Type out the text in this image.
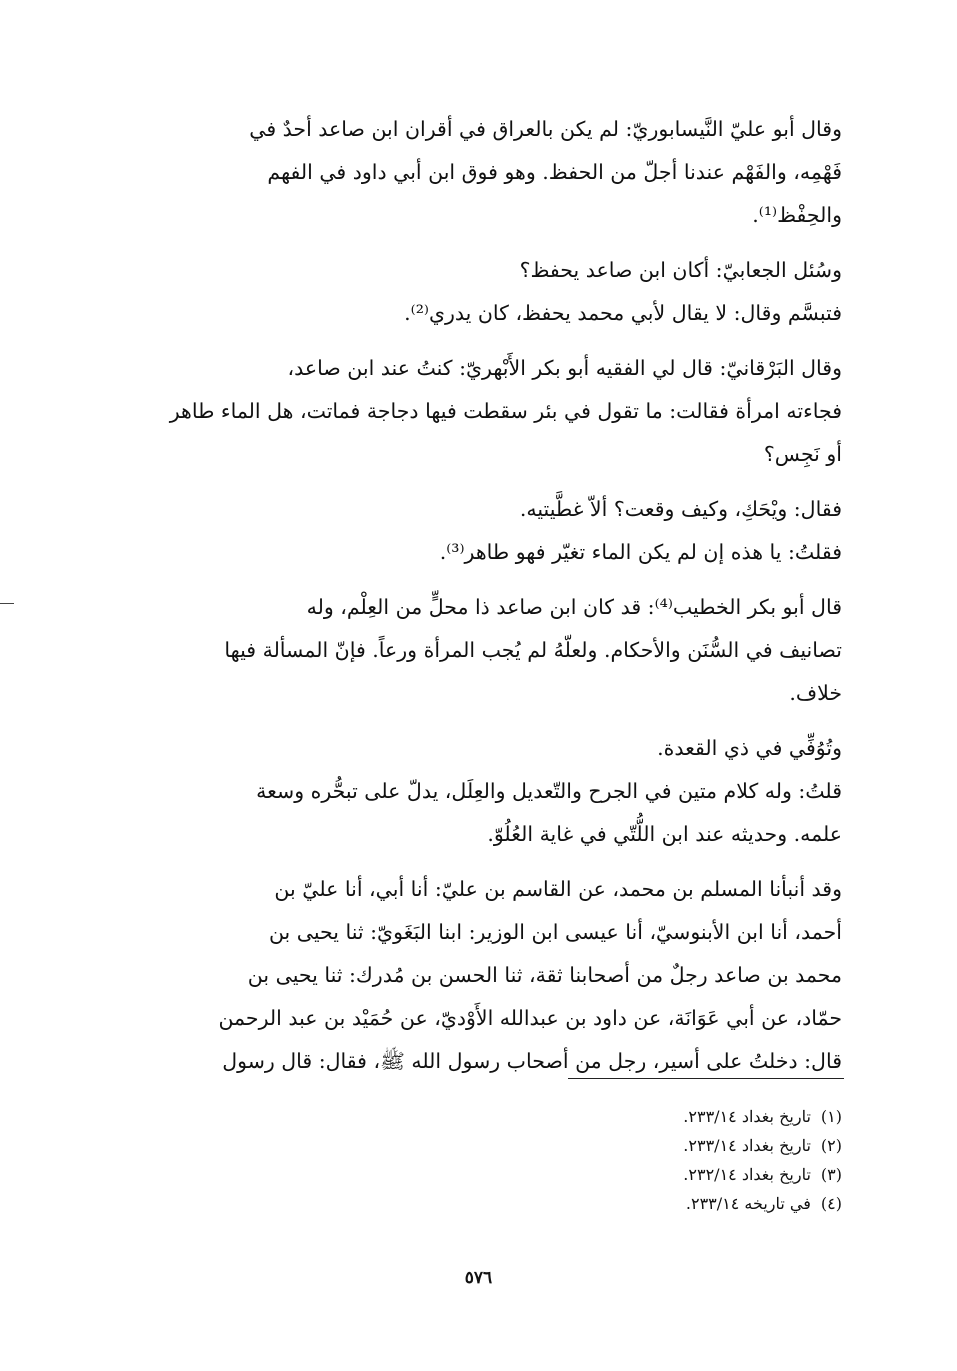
وقال أبو عليّ النَّيسابوريّ: لم يكن بالعراق في أقران ابن صاعد أحدٌ في
فَهْمِه، والفَهْم عندنا أجلّ من الحفظ. وهو فوق ابن أبي داود في الفهم
والحِفْظ⁽¹⁾.

وسُئل الجعابيّ: أكان ابن صاعد يحفظ؟
فتبسَّم وقال: لا يقال لأبي محمد يحفظ، كان يدري⁽²⁾.

وقال البَرْقانيّ: قال لي الفقيه أبو بكر الأَبْهريّ: كنتُ عند ابن صاعد،
فجاءته امرأة فقالت: ما تقول في بئر سقطت فيها دجاجة فماتت، هل الماء طاهر
أو نَجِس؟

فقال: ويْحَكِ، وكيف وقعت؟ ألاّ غطَّيتيه.
فقلتُ: يا هذه إن لم يكن الماء تغيّر فهو طاهر⁽³⁾.

قال أبو بكر الخطيب⁽⁴⁾: قد كان ابن صاعد ذا محلٍّ من العِلْم، وله
تصانيف في السُّنَن والأحكام. ولعلّهُ لم يُجب المرأة ورعاً. فإنّ المسألة فيها
خلاف.

وتُوُفِّي في ذي القعدة.
قلتُ: وله كلام متين في الجرح والتّعديل والعِلَل، يدلّ على تبحُّره وسعة
علمه. وحديثه عند ابن اللُّتّي في غاية العُلُوّ.

وقد أنبأنا المسلم بن محمد، عن القاسم بن عليّ: أنا أبي، أنا عليّ بن
أحمد، أنا ابن الأبنوسيّ، أنا عيسى ابن الوزير: ابنا البَغَويّ: ثنا يحيى بن
محمد بن صاعد رجلٌ من أصحابنا ثقة، ثنا الحسن بن مُدرك: ثنا يحيى بن
حمّاد، عن أبي عَوَانَة، عن داود بن عبدالله الأَوْديّ، عن حُمَيْد بن عبد الرحمن
قال: دخلتُ على أسير، رجل من أصحاب رسول الله ﷺ، فقال: قال رسول

(١)تاريخ بغداد ٢٣٣/١٤.
(٢)تاريخ بغداد ٢٣٣/١٤.
(٣)تاريخ بغداد ٢٣٢/١٤.
(٤)في تاريخه ٢٣٣/١٤.
٥٧٦
